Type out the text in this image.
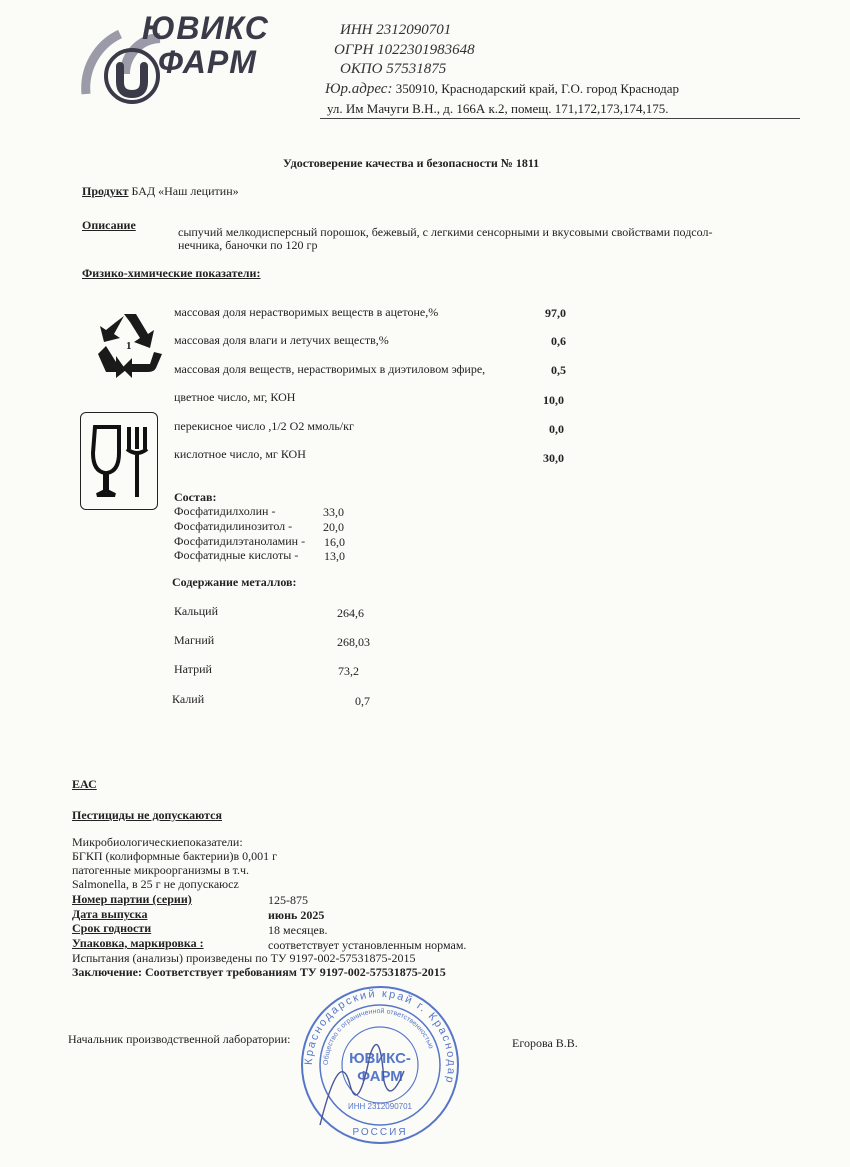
ЮВИКС
ФАРМ
ИНН 2312090701
ОГРН 1022301983648
ОКПО 57531875
Юр.адрес: 350910, Краснодарский край, Г.О. город Краснодар
ул. Им Мачуги В.Н., д. 166А к.2, помещ. 171,172,173,174,175.
Удостоверение качества и безопасности № 1811
Продукт БАД «Наш лецитин»
Описание	сыпучий мелкодисперсный порошок, бежевый, с легкими сенсорными и вкусовыми свойствами подсол-
нечника, баночки по 120 гр
Физико-химические показатели:
1
массовая доля нерастворимых веществ в ацетоне,%	97,0
массовая доля влаги и летучих веществ,%	0,6
массовая доля веществ, нерастворимых в диэтиловом эфире,	0,5
цветное число, мг, КОН	10,0
перекисное число ,1/2 О2 ммоль/кг	0,0
кислотное число, мг КОН	30,0
Состав:
Фосфатидилхолин -	33,0
Фосфатидилинозитол -	20,0
Фосфатидилэтаноламин - 16,0
Фосфатидные кислоты - 13,0
Содержание металлов:
Кальций	264,6
Магний	268,03
Натрий	73,2
Калий	0,7
ЕАС
Пестициды не допускаются
Микробиологическиепоказатели:
БГКП (колиформные бактерии)в 0,001 г
патогенные микроорганизмы в т.ч.
Salmonella, в 25 г не допускаюcz
Номер партии (серии)	125-875
Дата выпуска	июнь 2025
Срок годности	18 месяцев.
Упаковка, маркировка :	соответствует установленным нормам.
Испытания (анализы) произведены по ТУ 9197-002-57531875-2015
Заключение: Соответствует требованиям ТУ 9197-002-57531875-2015
Начальник производственной лаборатории:	Егорова В.В.
Краснодарский край г. Краснодар
Общество с ограниченной ответственностью
ЮВИКС-
ФАРМ
ИНН 2312090701
РОССИЯ
